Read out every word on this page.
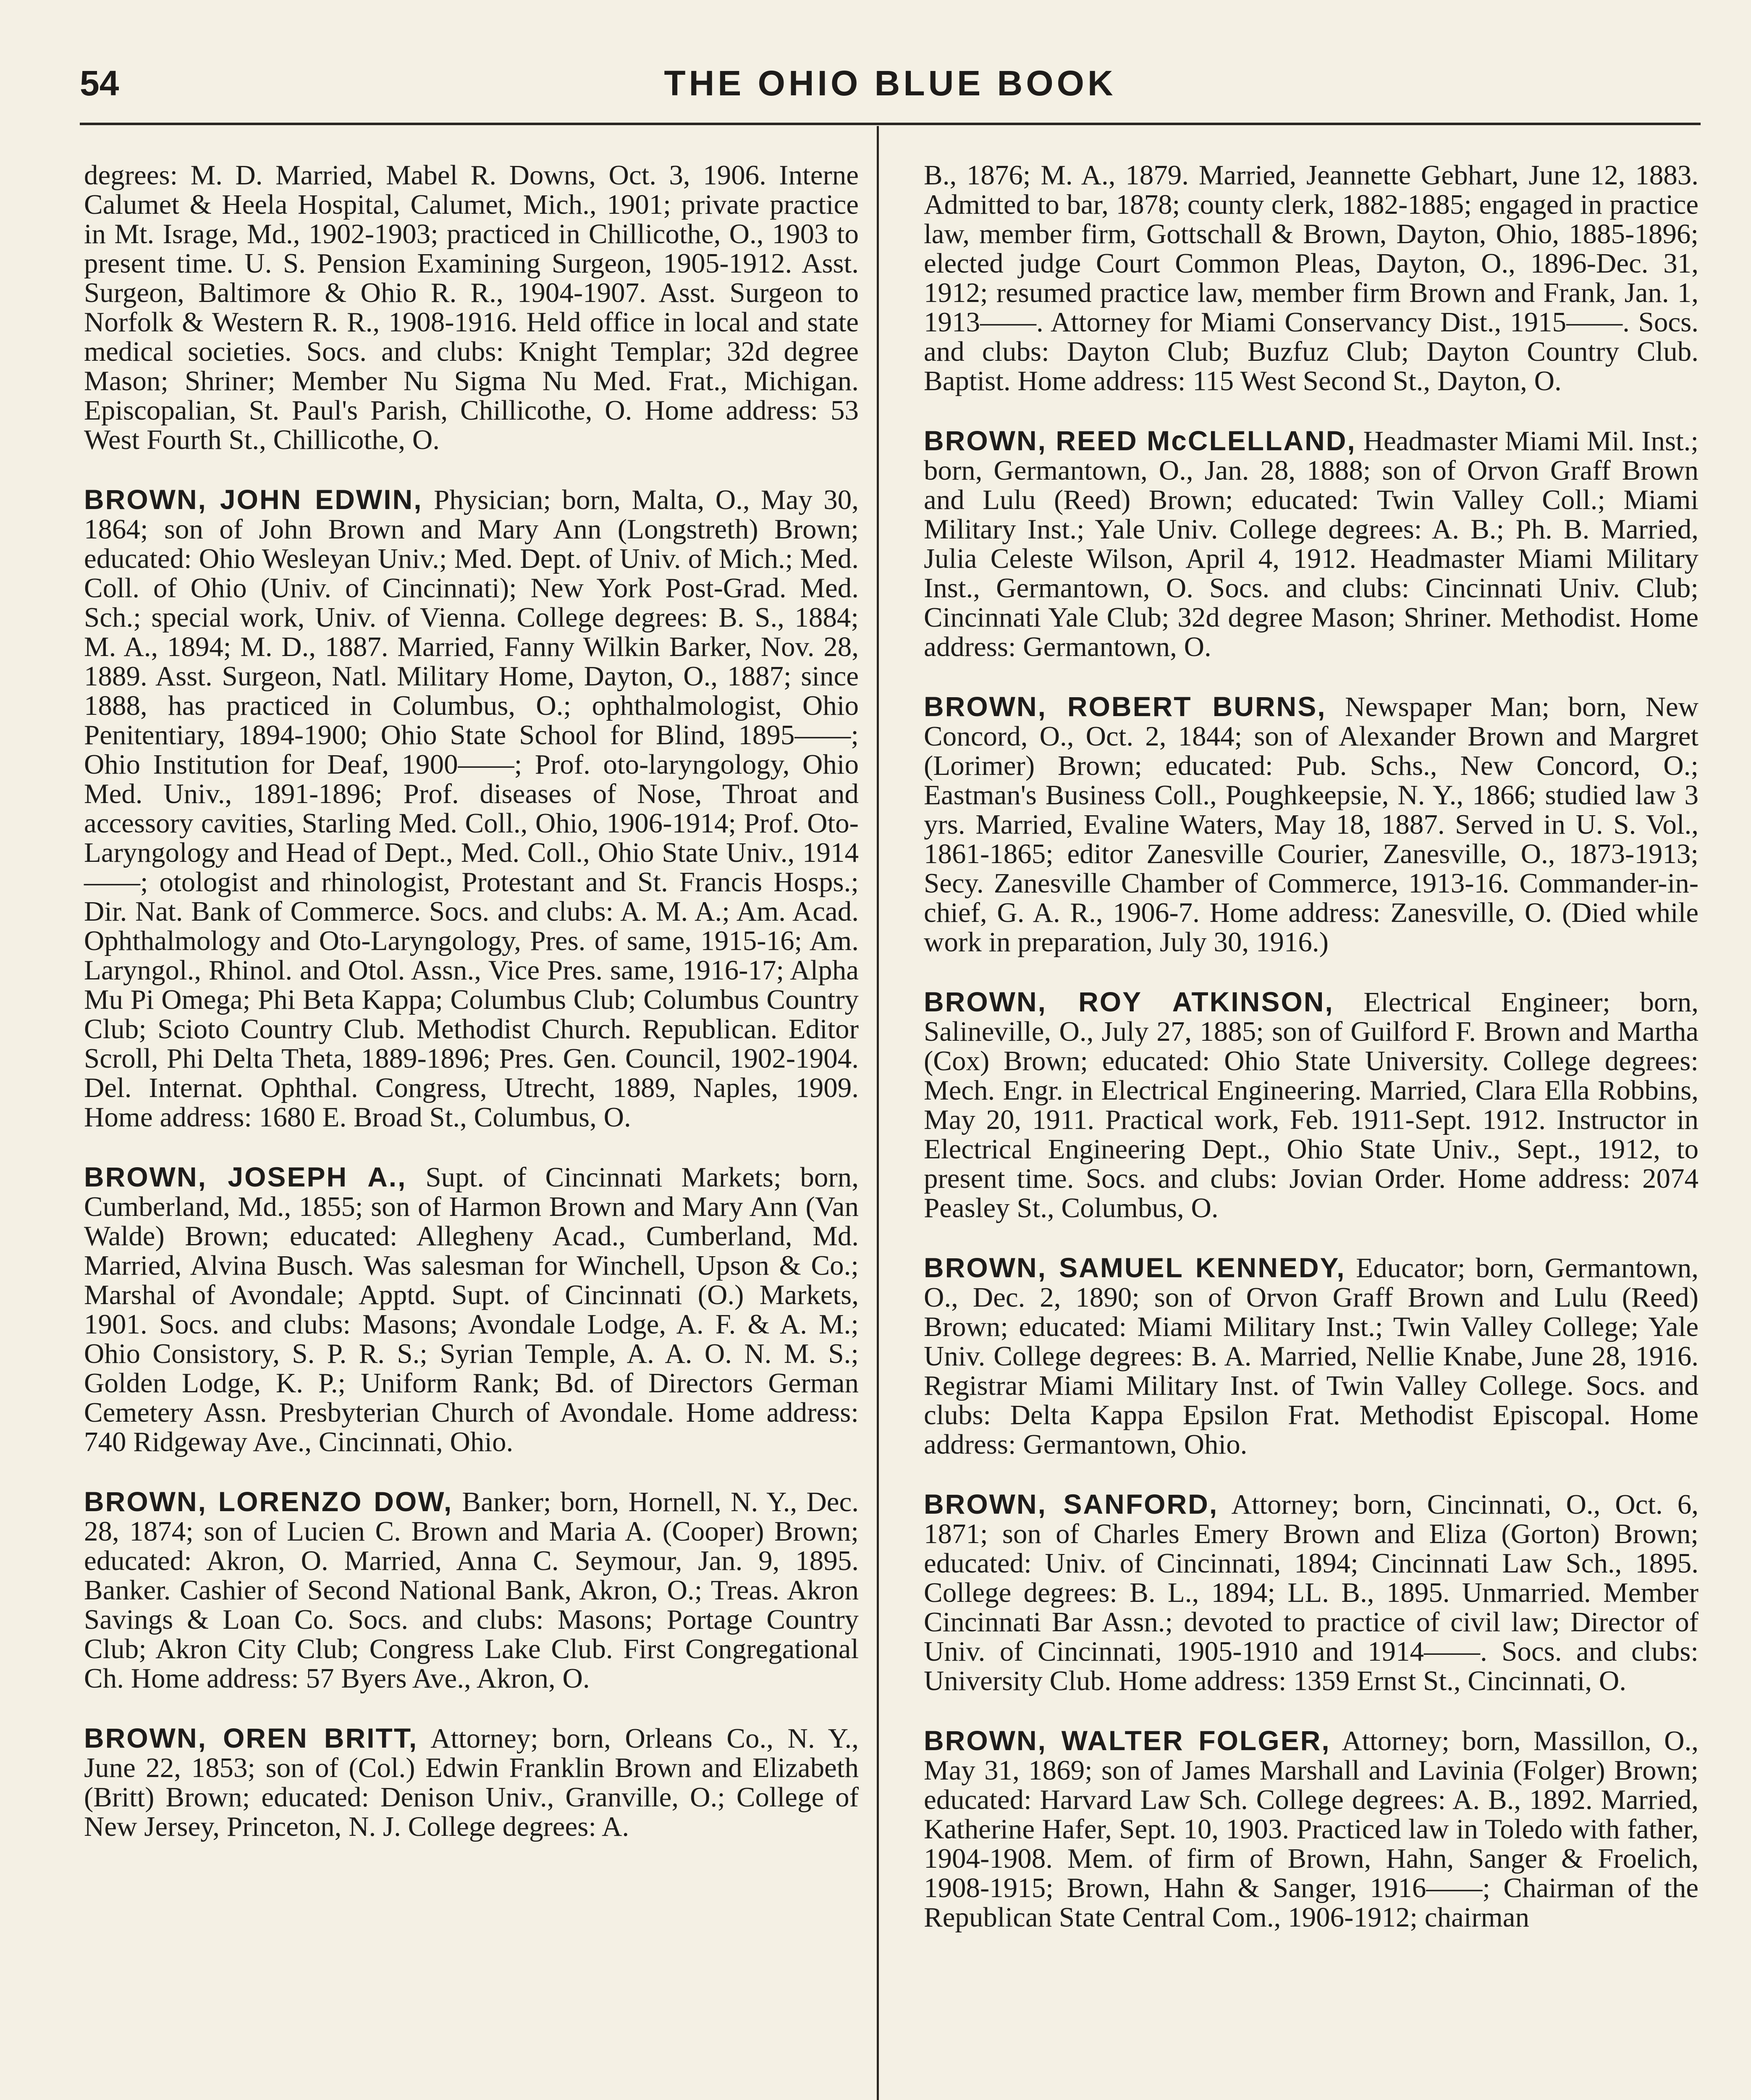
54	THE OHIO BLUE BOOK

degrees: M. D. Married, Mabel R. Downs, Oct. 3, 1906. Interne Calumet & Heela Hospital, Calumet, Mich., 1901; private practice in Mt. Israge, Md., 1902-1903; practiced in Chillicothe, O., 1903 to present time. U. S. Pension Examining Surgeon, 1905-1912. Asst. Surgeon, Baltimore & Ohio R. R., 1904-1907. Asst. Surgeon to Norfolk & Western R. R., 1908-1916. Held office in local and state medical societies. Socs. and clubs: Knight Templar; 32d degree Mason; Shriner; Member Nu Sigma Nu Med. Frat., Michigan. Episcopalian, St. Paul's Parish, Chillicothe, O. Home address: 53 West Fourth St., Chillicothe, O.

BROWN, JOHN EDWIN, Physician; born, Malta, O., May 30, 1864; son of John Brown and Mary Ann (Longstreth) Brown; educated: Ohio Wesleyan Univ.; Med. Dept. of Univ. of Mich.; Med. Coll. of Ohio (Univ. of Cincinnati); New York Post-Grad. Med. Sch.; special work, Univ. of Vienna. College degrees: B. S., 1884; M. A., 1894; M. D., 1887. Married, Fanny Wilkin Barker, Nov. 28, 1889. Asst. Surgeon, Natl. Military Home, Dayton, O., 1887; since 1888, has practiced in Columbus, O.; ophthalmologist, Ohio Penitentiary, 1894-1900; Ohio State School for Blind, 1895——; Ohio Institution for Deaf, 1900——; Prof. oto-laryngology, Ohio Med. Univ., 1891-1896; Prof. diseases of Nose, Throat and accessory cavities, Starling Med. Coll., Ohio, 1906-1914; Prof. Oto-Laryngology and Head of Dept., Med. Coll., Ohio State Univ., 1914——; otologist and rhinologist, Protestant and St. Francis Hosps.; Dir. Nat. Bank of Commerce. Socs. and clubs: A. M. A.; Am. Acad. Ophthalmology and Oto-Laryngology, Pres. of same, 1915-16; Am. Laryngol., Rhinol. and Otol. Assn., Vice Pres. same, 1916-17; Alpha Mu Pi Omega; Phi Beta Kappa; Columbus Club; Columbus Country Club; Scioto Country Club. Methodist Church. Republican. Editor Scroll, Phi Delta Theta, 1889-1896; Pres. Gen. Council, 1902-1904. Del. Internat. Ophthal. Congress, Utrecht, 1889, Naples, 1909. Home address: 1680 E. Broad St., Columbus, O.

BROWN, JOSEPH A., Supt. of Cincinnati Markets; born, Cumberland, Md., 1855; son of Harmon Brown and Mary Ann (Van Walde) Brown; educated: Allegheny Acad., Cumberland, Md. Married, Alvina Busch. Was salesman for Winchell, Upson & Co.; Marshal of Avondale; Apptd. Supt. of Cincinnati (O.) Markets, 1901. Socs. and clubs: Masons; Avondale Lodge, A. F. & A. M.; Ohio Consistory, S. P. R. S.; Syrian Temple, A. A. O. N. M. S.; Golden Lodge, K. P.; Uniform Rank; Bd. of Directors German Cemetery Assn. Presbyterian Church of Avondale. Home address: 740 Ridgeway Ave., Cincinnati, Ohio.

BROWN, LORENZO DOW, Banker; born, Hornell, N. Y., Dec. 28, 1874; son of Lucien C. Brown and Maria A. (Cooper) Brown; educated: Akron, O. Married, Anna C. Seymour, Jan. 9, 1895. Banker. Cashier of Second National Bank, Akron, O.; Treas. Akron Savings & Loan Co. Socs. and clubs: Masons; Portage Country Club; Akron City Club; Congress Lake Club. First Congregational Ch. Home address: 57 Byers Ave., Akron, O.

BROWN, OREN BRITT, Attorney; born, Orleans Co., N. Y., June 22, 1853; son of (Col.) Edwin Franklin Brown and Elizabeth (Britt) Brown; educated: Denison Univ., Granville, O.; College of New Jersey, Princeton, N. J. College degrees: A.

B., 1876; M. A., 1879. Married, Jeannette Gebhart, June 12, 1883. Admitted to bar, 1878; county clerk, 1882-1885; engaged in practice law, member firm, Gottschall & Brown, Dayton, Ohio, 1885-1896; elected judge Court Common Pleas, Dayton, O., 1896-Dec. 31, 1912; resumed practice law, member firm Brown and Frank, Jan. 1, 1913——. Attorney for Miami Conservancy Dist., 1915——. Socs. and clubs: Dayton Club; Buzfuz Club; Dayton Country Club. Baptist. Home address: 115 West Second St., Dayton, O.

BROWN, REED McCLELLAND, Headmaster Miami Mil. Inst.; born, Germantown, O., Jan. 28, 1888; son of Orvon Graff Brown and Lulu (Reed) Brown; educated: Twin Valley Coll.; Miami Military Inst.; Yale Univ. College degrees: A. B.; Ph. B. Married, Julia Celeste Wilson, April 4, 1912. Headmaster Miami Military Inst., Germantown, O. Socs. and clubs: Cincinnati Univ. Club; Cincinnati Yale Club; 32d degree Mason; Shriner. Methodist. Home address: Germantown, O.

BROWN, ROBERT BURNS, Newspaper Man; born, New Concord, O., Oct. 2, 1844; son of Alexander Brown and Margret (Lorimer) Brown; educated: Pub. Schs., New Concord, O.; Eastman's Business Coll., Poughkeepsie, N. Y., 1866; studied law 3 yrs. Married, Evaline Waters, May 18, 1887. Served in U. S. Vol., 1861-1865; editor Zanesville Courier, Zanesville, O., 1873-1913; Secy. Zanesville Chamber of Commerce, 1913-16. Commander-in-chief, G. A. R., 1906-7. Home address: Zanesville, O. (Died while work in preparation, July 30, 1916.)

BROWN, ROY ATKINSON, Electrical Engineer; born, Salineville, O., July 27, 1885; son of Guilford F. Brown and Martha (Cox) Brown; educated: Ohio State University. College degrees: Mech. Engr. in Electrical Engineering. Married, Clara Ella Robbins, May 20, 1911. Practical work, Feb. 1911-Sept. 1912. Instructor in Electrical Engineering Dept., Ohio State Univ., Sept., 1912, to present time. Socs. and clubs: Jovian Order. Home address: 2074 Peasley St., Columbus, O.

BROWN, SAMUEL KENNEDY, Educator; born, Germantown, O., Dec. 2, 1890; son of Orvon Graff Brown and Lulu (Reed) Brown; educated: Miami Military Inst.; Twin Valley College; Yale Univ. College degrees: B. A. Married, Nellie Knabe, June 28, 1916. Registrar Miami Military Inst. of Twin Valley College. Socs. and clubs: Delta Kappa Epsilon Frat. Methodist Episcopal. Home address: Germantown, Ohio.

BROWN, SANFORD, Attorney; born, Cincinnati, O., Oct. 6, 1871; son of Charles Emery Brown and Eliza (Gorton) Brown; educated: Univ. of Cincinnati, 1894; Cincinnati Law Sch., 1895. College degrees: B. L., 1894; LL. B., 1895. Unmarried. Member Cincinnati Bar Assn.; devoted to practice of civil law; Director of Univ. of Cincinnati, 1905-1910 and 1914——. Socs. and clubs: University Club. Home address: 1359 Ernst St., Cincinnati, O.

BROWN, WALTER FOLGER, Attorney; born, Massillon, O., May 31, 1869; son of James Marshall and Lavinia (Folger) Brown; educated: Harvard Law Sch. College degrees: A. B., 1892. Married, Katherine Hafer, Sept. 10, 1903. Practiced law in Toledo with father, 1904-1908. Mem. of firm of Brown, Hahn, Sanger & Froelich, 1908-1915; Brown, Hahn & Sanger, 1916——; Chairman of the Republican State Central Com., 1906-1912; chairman
